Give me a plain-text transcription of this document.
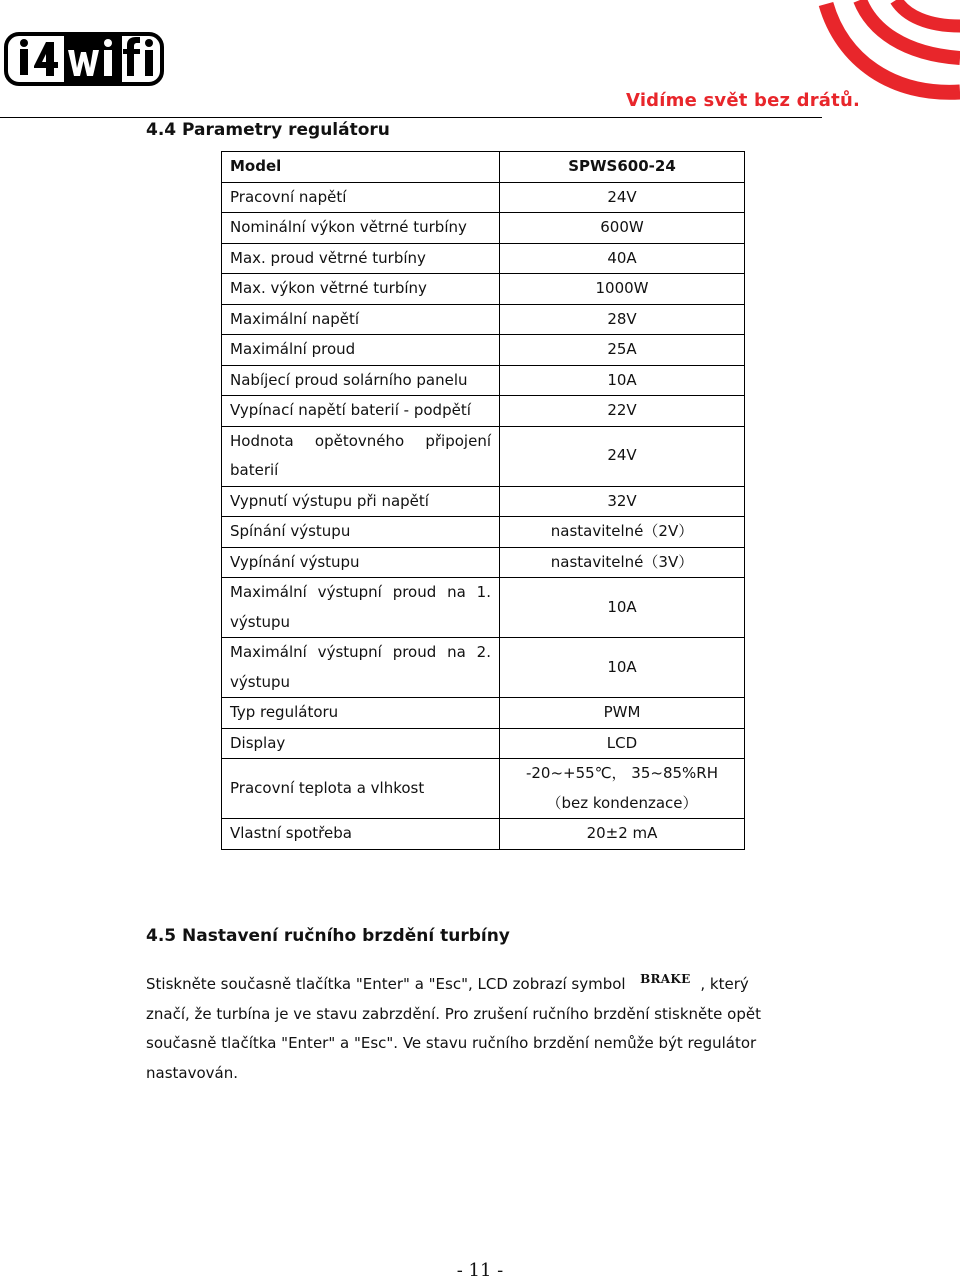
Vidíme svět bez drátů.
4.4 Parametry regulátoru
Model	SPWS600-24
Pracovní napětí	24V
Nominální výkon větrné turbíny	600W
Max. proud větrné turbíny	40A
Max. výkon větrné turbíny	1000W
Maximální napětí	28V
Maximální proud	25A
Nabíjecí proud solárního panelu	10A
Vypínací napětí baterií - podpětí	22V
Hodnota opětovného připojení baterií	24V
Vypnutí výstupu při napětí	32V
Spínání výstupu	nastavitelné（2V）
Vypínání výstupu	nastavitelné（3V）
Maximální výstupní proud na 1. výstupu	10A
Maximální výstupní proud na 2. výstupu	10A
Typ regulátoru	PWM
Display	LCD
Pracovní teplota a vlhkost	-20~+55℃， 35~85%RH（bez kondenzace）
Vlastní spotřeba	20±2 mA
4.5 Nastavení ručního brzdění turbíny
Stiskněte současně tlačítka "Enter" a "Esc", LCD zobrazí symbol BRAKE , který značí, že turbína je ve stavu zabrzdění. Pro zrušení ručního brzdění stiskněte opět současně tlačítka "Enter" a "Esc". Ve stavu ručního brzdění nemůže být regulátor nastavován.
- 11 -
